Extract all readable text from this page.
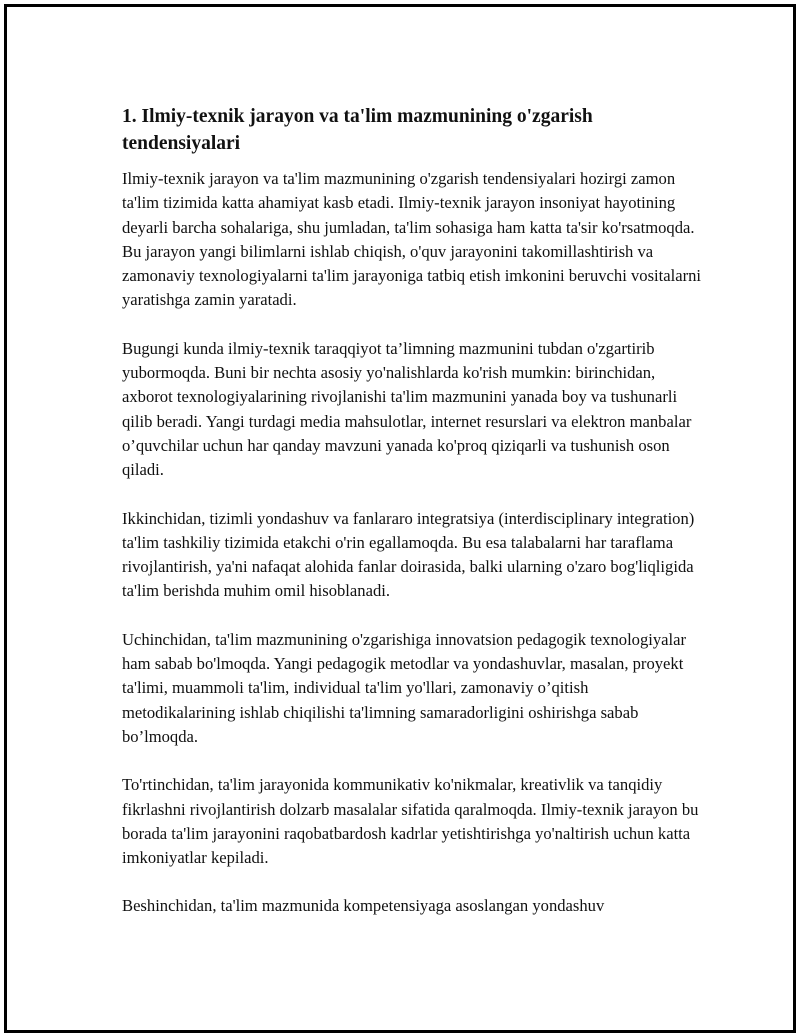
1. Ilmiy-texnik jarayon va ta'lim mazmunining o'zgarish tendensiyalari

Ilmiy-texnik jarayon va ta'lim mazmunining o'zgarish tendensiyalari hozirgi zamon ta'lim tizimida katta ahamiyat kasb etadi. Ilmiy-texnik jarayon insoniyat hayotining deyarli barcha sohalariga, shu jumladan, ta'lim sohasiga ham katta ta'sir ko'rsatmoqda. Bu jarayon yangi bilimlarni ishlab chiqish, o'quv jarayonini takomillashtirish va zamonaviy texnologiyalarni ta'lim jarayoniga tatbiq etish imkonini beruvchi vositalarni yaratishga zamin yaratadi.

Bugungi kunda ilmiy-texnik taraqqiyot ta’limning mazmunini tubdan o'zgartirib yubormoqda. Buni bir nechta asosiy yo'nalishlarda ko'rish mumkin: birinchidan, axborot texnologiyalarining rivojlanishi ta'lim mazmunini yanada boy va tushunarli qilib beradi. Yangi turdagi media mahsulotlar, internet resurslari va elektron manbalar o’quvchilar uchun har qanday mavzuni yanada ko'proq qiziqarli va tushunish oson qiladi.

Ikkinchidan, tizimli yondashuv va fanlararo integratsiya (interdisciplinary integration) ta'lim tashkiliy tizimida etakchi o'rin egallamoqda. Bu esa talabalarni har taraflama rivojlantirish, ya'ni nafaqat alohida fanlar doirasida, balki ularning o'zaro bog'liqligida ta'lim berishda muhim omil hisoblanadi.

Uchinchidan, ta'lim mazmunining o'zgarishiga innovatsion pedagogik texnologiyalar ham sabab bo'lmoqda. Yangi pedagogik metodlar va yondashuvlar, masalan, proyekt ta'limi, muammoli ta'lim, individual ta'lim yo'llari, zamonaviy o’qitish metodikalarining ishlab chiqilishi ta'limning samaradorligini oshirishga sabab bo’lmoqda.

To'rtinchidan, ta'lim jarayonida kommunikativ ko'nikmalar, kreativlik va tanqidiy fikrlashni rivojlantirish dolzarb masalalar sifatida qaralmoqda. Ilmiy-texnik jarayon bu borada ta'lim jarayonini raqobatbardosh kadrlar yetishtirishga yo'naltirish uchun katta imkoniyatlar kepiladi.

Beshinchidan, ta'lim mazmunida kompetensiyaga asoslangan yondashuv
